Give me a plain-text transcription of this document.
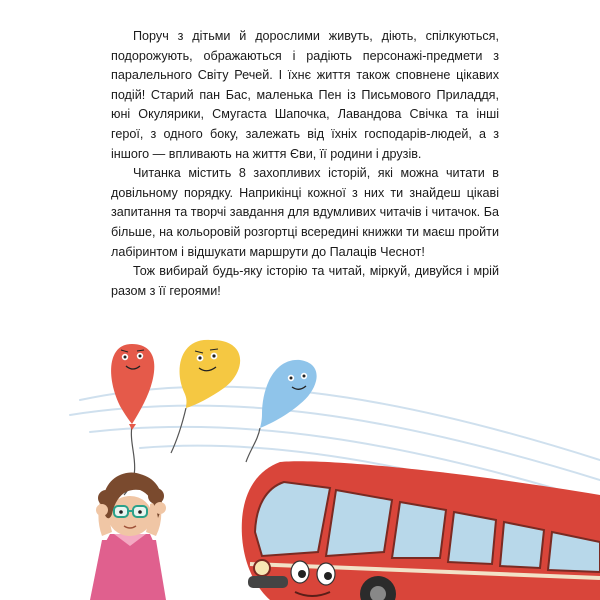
Поруч з дітьми й дорослими живуть, діють, спілкуються, подорожують, ображаються і радіють персонажі-предмети з паралельного Світу Речей. І їхнє життя також сповнене цікавих подій! Старий пан Бас, маленька Пен із Письмового Приладдя, юні Окулярики, Смугаста Шапочка, Лавандова Свічка та інші герої, з одного боку, залежать від їхніх господарів-людей, а з іншого — впливають на життя Єви, її родини і друзів.

Читанка містить 8 захопливих історій, які можна читати в довільному порядку. Наприкінці кожної з них ти знайдеш цікаві запитання та творчі завдання для вдумливих читачів і читачок. Ба більше, на кольоровій розгортці всередині книжки ти маєш пройти лабіринтом і відшукати маршрути до Палаців Чеснот!

Тож вибирай будь-яку історію та читай, міркуй, дивуйся і мрій разом з її героями!
